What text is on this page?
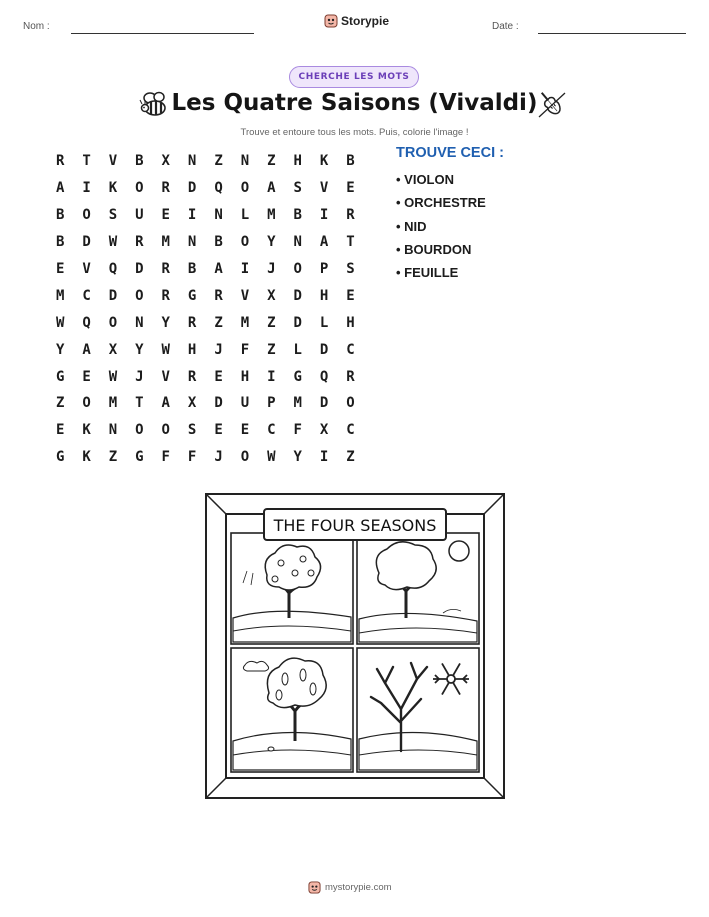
Nom :	Storypie	Date :
CHERCHE LES MOTS
Les Quatre Saisons (Vivaldi)
Trouve et entoure tous les mots. Puis, colorie l'image !
R	T	V	B	X	N	Z	N	Z	H	K	B
A	I	K	O	R	D	Q	O	A	S	V	E
B	O	S	U	E	I	N	L	M	B	I	R
B	D	W	R	M	N	B	O	Y	N	A	T
E	V	Q	D	R	B	A	I	J	O	P	S
M	C	D	O	R	G	R	V	X	D	H	E
W	Q	O	N	Y	R	Z	M	Z	D	L	H
Y	A	X	Y	W	H	J	F	Z	L	D	C
G	E	W	J	V	R	E	H	I	G	Q	R
Z	O	M	T	A	X	D	U	P	M	D	O
E	K	N	O	O	S	E	E	C	F	X	C
G	K	Z	G	F	F	J	O	W	Y	I	Z
TROUVE CECI :
• VIOLON
• ORCHESTRE
• NID
• BOURDON
• FEUILLE
THE FOUR SEASONS
mystorypie.com
